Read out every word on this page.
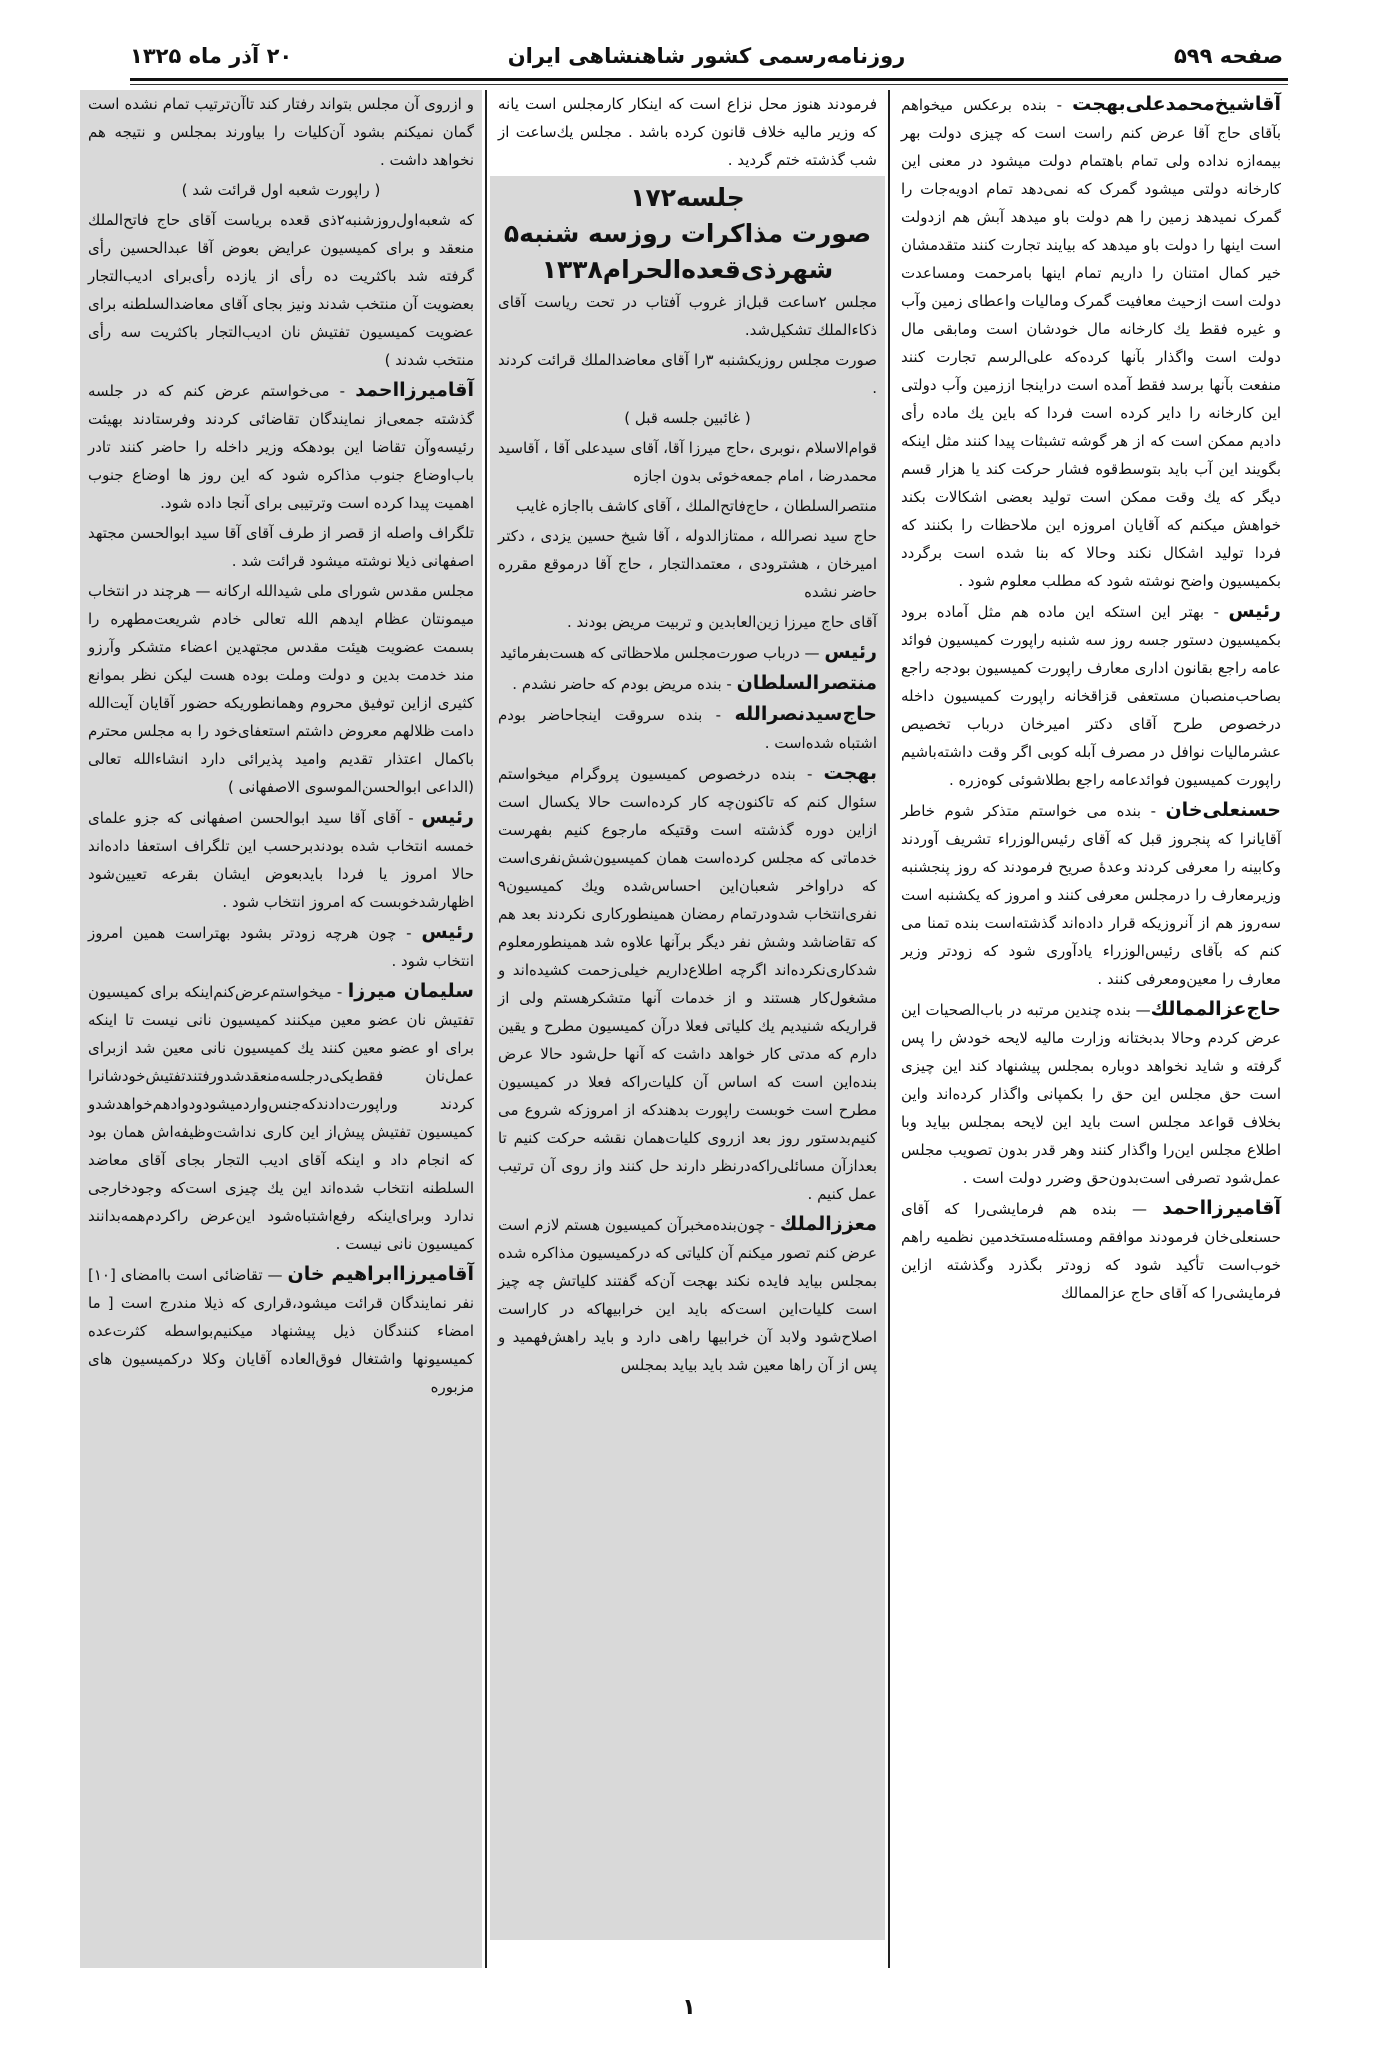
صفحه ۵۹۹
روزنامه‌رسمی کشور شاهنشاهی ایران
۲۰ آذر ماه ۱۳۲۵

آقاشیخ‌محمدعلی‌بهجت - بنده برعکس میخواهم بآقای حاج آقا عرض کنم راست است که چیزی دولت بهر بیمه‌ازه نداده ولی تمام باهتمام دولت میشود در معنی این کارخانه دولتی میشود گمرک که نمی‌دهد تمام ادویه‌جات را گمرک نمیدهد زمین را هم دولت باو میدهد آبش هم ازدولت است اینها را دولت باو میدهد که بیایند تجارت کنند متقدمشان خیر کمال امتنان را داریم تمام اینها بامرحمت ومساعدت دولت است ازحیث معافیت گمرک ومالیات واعطای زمین وآب و غیره فقط یك کارخانه مال خودشان است ومابقی مال دولت است واگذار بآنها کرده‌که علی‌الرسم تجارت کنند منفعت بآنها برسد فقط آمده است دراینجا اززمین وآب دولتی این کارخانه را دایر کرده است فردا که باین یك ماده رأی دادیم ممکن است که از هر گوشه تشبثات پیدا کنند مثل اینکه بگویند این آب باید بتوسط‌قوه فشار حرکت کند یا هزار قسم دیگر که یك وقت ممکن است تولید بعضی اشکالات بکند خواهش میکنم که آقایان امروزه این ملاحظات را بکنند که فردا تولید اشکال نکند وحالا که بنا شده است برگردد بکمیسیون واضح نوشته شود که مطلب معلوم شود .

رئیس - بهتر این استکه این ماده هم مثل آماده برود بکمیسیون دستور جسه روز سه شنبه راپورت کمیسیون فوائد عامه راجع بقانون اداری معارف راپورت کمیسیون بودجه راجع بصاحب‌منصبان مستعفی قزاقخانه راپورت کمیسیون داخله درخصوص طرح آقای دکتر امیرخان درباب تخصیص عشرمالیات نوافل در مصرف آبله کوبی اگر وقت داشته‌باشیم راپورت کمیسیون فوائدعامه راجع بطلاشوئی کوه‌زره .

حسنعلی‌خان - بنده می خواستم متذکر شوم خاطر آقایانرا که پنجروز قبل که آقای رئیس‌الوزراء تشریف آوردند وکابینه را معرفی کردند وعدهٔ صریح فرمودند که روز پنجشنبه وزیرمعارف را درمجلس معرفی کنند و امروز که یکشنبه است سه‌روز هم از آنروزیکه قرار داده‌اند گذشته‌است بنده تمنا می کنم که بآقای رئیس‌الوزراء یادآوری شود که زودتر وزیر معارف را معین‌ومعرفی کنند .

حاج‌عزالممالك— بنده چندین مرتبه در باب‌الصحیات این عرض کردم وحالا بدبختانه وزارت مالیه لایحه خودش را پس گرفته و شاید نخواهد دوباره بمجلس پیشنهاد کند این چیزی است حق مجلس این حق را بکمپانی واگذار کرده‌اند واین بخلاف قواعد مجلس است باید این لایحه بمجلس بیاید وبا اطلاع مجلس این‌را واگذار کنند وهر قدر بدون تصویب مجلس عمل‌شود تصرفی است‌بدون‌حق وضرر دولت است .

آقامیرزااحمد — بنده هم فرمایشی‌را که آقای حسنعلی‌خان فرمودند موافقم ومسئله‌مستخدمین نظمیه راهم خوب‌است تأکید شود که زودتر بگذرد وگذشته ازاین فرمایشی‌را که آقای حاج عزالممالك

فرمودند هنوز محل نزاع است که اینکار کارمجلس است یانه که وزیر مالیه خلاف قانون کرده باشد . مجلس یك‌ساعت از شب گذشته ختم گردید .

جلسه۱۷۲
صورت مذاکرات روزسه شنبه۵
شهرذی‌قعده‌الحرام۱۳۳۸

مجلس ۲ساعت قبل‌از غروب آفتاب در تحت ریاست آقای ذکاءالملك تشکیل‌شد.

صورت مجلس روزیکشنبه ۳را آقای معاضد‌الملك قرائت کردند .

( غائبین جلسه قبل )

قوام‌الاسلام ،نوبری ،حاج میرزا آقا، آقای سیدعلی آقا ، آقاسید محمدرضا ، امام جمعه‌خوئی بدون اجازه

منتصرالسلطان ، حاج‌فاتح‌الملك ، آقای کاشف بااجازه غایب

حاج سید نصرالله ، ممتازالدوله ، آقا شیخ حسین یزدی ، دکتر امیرخان ، هشترودی ، معتمد‌التجار ، حاج آقا درموقع مقرره حاضر نشده

آقای حاج میرزا زین‌العابدین و تربیت مریض بودند .

رئیس — درباب صورت‌مجلس ملاحظاتی که هست‌بفرمائید

منتصرالسلطان - بنده مریض بودم که حاضر نشدم .

حاج‌سیدنصرالله - بنده سروقت اینجاحاضر بودم اشتباه شده‌است .

بهجت - بنده درخصوص کمیسیون پروگرام میخواستم سئوال کنم که تاکنون‌چه کار کرده‌است حالا یکسال است ازاین دوره گذشته است وقتیکه مارجوع کنیم بفهرست خدماتی که مجلس کرده‌است همان کمیسیون‌شش‌نفری‌است که دراواخر شعبان‌این احساس‌شده ویك کمیسیون۹ نفری‌انتخاب شدودرتمام رمضان همینطور‌کاری نکردند بعد هم که تقاضاشد وشش نفر دیگر برآنها علاوه شد همینطورمعلوم شدکاری‌نکرده‌اند اگرچه اطلاع‌داریم خیلی‌زحمت کشیده‌اند و مشغول‌کار هستند و از خدمات آنها متشکرهستم ولی از قراریکه شنیدیم یك کلیاتی فعلا درآن کمیسیون مطرح و یقین دارم که مدتی کار خواهد داشت که آنها حل‌شود حالا عرض بنده‌این است که اساس آن کلیات‌راکه فعلا در کمیسیون مطرح است خوبست راپورت بدهندکه از امروزکه شروع می کنیم‌بدستور روز بعد ازروی کلیات‌همان نقشه حرکت کنیم تا بعدازآن مسائلی‌راکه‌درنظر دارند حل کنند واز روی آن ترتیب عمل کنیم .

معززالملك - چون‌بنده‌مخبرآن کمیسیون هستم لازم است عرض کنم تصور میکنم آن کلیاتی که درکمیسیون مذاکره شده بمجلس بیاید فایده نکند بهجت آن‌که گفتند کلیاتش چه چیز است کلیات‌این است‌که باید این خرابیهاکه در کاراست اصلاح‌شود ولابد آن خرابیها راهی دارد و باید راهش‌فهمید و پس از آن راها معین شد باید بیاید بمجلس

و ازروی آن مجلس بتواند رفتار کند تاآن‌ترتیب تمام نشده است گمان نمیکنم بشود آن‌کلیات را بیاورند بمجلس و نتیجه هم نخواهد داشت .

( راپورت شعبه اول قرائت شد )

که شعبه‌اول‌روزشنبه۲ذی قعده بریاست آقای حاج فاتح‌الملك منعقد و برای کمیسیون عرایض بعوض آقا عبدالحسین رأی گرفته شد باکثریت ده رأی از یازده رأی‌برای ادیب‌التجار بعضویت آن منتخب شدند ونیز بجای آقای معاضدالسلطنه برای عضویت کمیسیون تفتیش نان ادیب‌التجار باکثریت سه رأی منتخب شدند )

آقامیرزااحمد - می‌خواستم عرض کنم که در جلسه گذشته جمعی‌از نمایندگان تقاضائی کردند وفرستادند بهیئت رئیسه‌وآن تقاضا این بودهکه وزیر داخله را حاضر کنند تادر باب‌اوضاع جنوب مذاکره شود که این روز ها اوضاع جنوب اهمیت پیدا کرده است وترتیبی برای آنجا داده شود.

تلگراف واصله از قصر از طرف آقای آقا سید ابوالحسن مجتهد اصفهانی ذیلا نوشته میشود قرائت شد .

مجلس مقدس شورای ملی شیدالله ارکانه — هرچند در انتخاب میمونتان عظام ایدهم الله تعالی خادم شریعت‌مطهره را بسمت عضویت هیئت مقدس مجتهدین اعضاء متشکر وآرزو مند خدمت بدین و دولت وملت بوده هست لیکن نظر بموانع کثیری ازاین توفیق محروم وهمانطوریکه حضور آقایان آیت‌الله دامت ظلالهم معروض داشتم استعفای‌خود را به مجلس محترم باکمال اعتذار تقدیم وامید پذیرائی دارد انشاءالله تعالی (الداعی ابوالحسن‌الموسوی الاصفهانی )

رئیس - آقای آقا سید ابوالحسن اصفهانی که جزو علمای خمسه انتخاب شده بودندبرحسب این تلگراف استعفا داده‌اند حالا امروز یا فردا بایدبعوض ایشان بقرعه تعیین‌شود اظهارشد‌خوبست که امروز انتخاب شود .

رئیس - چون هرچه زودتر بشود بهتراست همین امروز انتخاب شود .

سلیمان میرزا - میخواستم‌عرض‌کنم‌اینکه برای کمیسیون تفتیش نان عضو معین میکنند کمیسیون نانی نیست تا اینکه برای او عضو معین کنند یك کمیسیون نانی معین شد ازبرای عمل‌نان فقط‌یکی‌درجلسه‌منعقدشدورفتندتفتیش‌خودشانرا کردند وراپورت‌دادند‌که‌جنس‌واردمیشودودوادهم‌خواهدشدو کمیسیون تفتیش پیش‌از این کاری نداشت‌وظیفه‌اش همان بود که انجام داد و اینکه آقای ادیب التجار بجای آقای معاضد السلطنه انتخاب شده‌اند این یك چیزی است‌که وجودخارجی ندارد وبرای‌اینکه رفع‌اشتباه‌شود این‌عرض راکردم‌همه‌بدانند کمیسیون نانی نیست .

آقامیرزاابراهیم خان — تقاضائی است باامضای [۱۰] نفر نمایندگان قرائت میشود،قراری که ذیلا مندرج است [ ما امضاء کنندگان ذیل پیشنهاد میکنیم‌بواسطه کثرت‌عده کمیسیونها واشتغال فوق‌العاده آقایان وکلا درکمیسیون های مزبوره

۱
